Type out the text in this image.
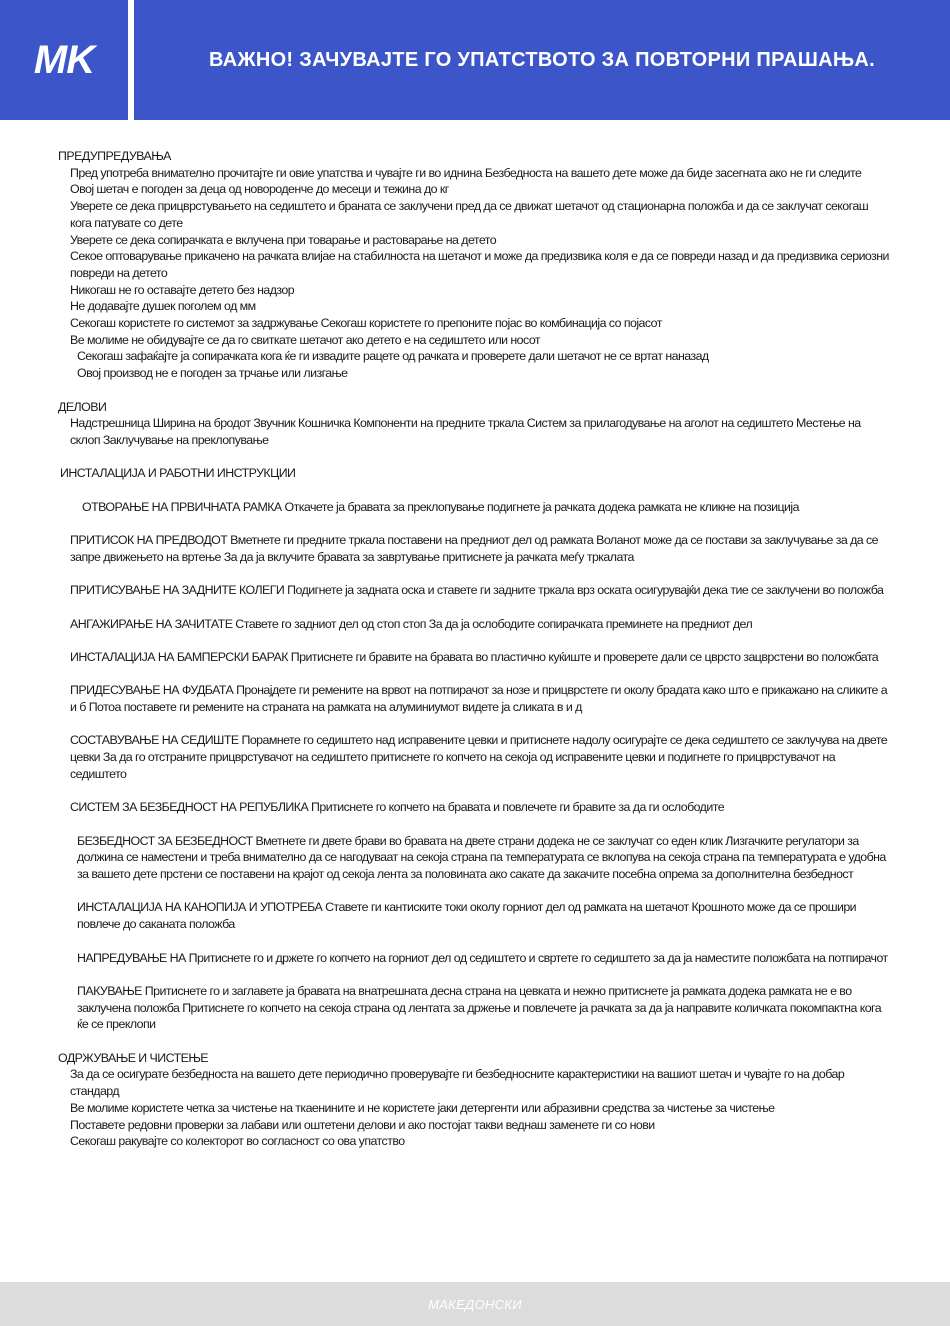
MK	ВАЖНО! ЗАЧУВАЈТЕ ГО УПАТСТВОТО ЗА ПОВТОРНИ ПРАШАЊА.

ПРЕДУПРЕДУВАЊА

Пред употреба внимателно прочитајте ги овие упатства и чувајте ги во иднина Безбедноста на вашето дете може да биде засегната ако не ги следите

Овој шетач е погоден за деца од новороденче до месеци и тежина до кг

Уверете се дека прицврстувањето на седиштето и браната се заклучени пред да се движат шетачот од стационарна положба и да се заклучат секогаш кога патувате со дете

Уверете се дека сопирачката е вклучена при товарање и растоварање на детето

Секое оптоварување прикачено на рачката влијае на стабилноста на шетачот и може да предизвика коля е да се повреди назад и да предизвика сериозни повреди на детето

Никогаш не го оставајте детето без надзор

Не додавајте душек поголем од мм

Секогаш користете го системот за задржување Секогаш користете го препоните појас во комбинација со појасот

Ве молиме не обидувајте се да го свиткате шетачот ако детето е на седиштето или носот

Секогаш зафаќајте ја сопирачката кога ќе ги извадите рацете од рачката и проверете дали шетачот не се вртат наназад

Овој производ не е погоден за трчање или лизгање

ДЕЛОВИ

Надстрешница Ширина на бродот Звучник Кошничка Компоненти на предните тркала Систем за прилагодување на аголот на седиштето Местење на склоп Заклучување на преклопување

ИНСТАЛАЦИЈА И РАБОТНИ ИНСТРУКЦИИ

ОТВОРАЊЕ НА ПРВИЧНАТА РАМКА Откачете ја бравата за преклопување подигнете ја рачката додека рамката не кликне на позиција

ПРИТИСОК НА ПРЕДВОДОТ Вметнете ги предните тркала поставени на предниот дел од рамката Воланот може да се постави за заклучување за да се запре движењето на вртење За да ја вклучите бравата за завртување притиснете ја рачката меѓу тркалата

ПРИТИСУВАЊЕ НА ЗАДНИТЕ КОЛЕГИ Подигнете ја задната оска и ставете ги задните тркала врз оската осигурувајќи дека тие се заклучени во положба

АНГАЖИРАЊЕ НА ЗАЧИТАТЕ Ставете го задниот дел од стоп стоп За да ја ослободите сопирачката преминете на предниот дел

ИНСТАЛАЦИЈА НА БАМПЕРСКИ БАРАК Притиснете ги бравите на бравата во пластично куќиште и проверете дали се цврсто зацврстени во положбата

ПРИДЕСУВАЊЕ НА ФУДБАТА Пронајдете ги ремените на врвот на потпирачот за нозе и прицврстете ги околу брадата како што е прикажано на сликите а и б Потоа поставете ги ремените на страната на рамката на алуминиумот видете ја сликата в и д

СОСТАВУВАЊЕ НА СЕДИШТЕ Порамнете го седиштето над исправените цевки и притиснете надолу осигурајте се дека седиштето се заклучува на двете цевки За да го отстраните прицврстувачот на седиштето притиснете го копчето на секоја од исправените цевки и подигнете го прицврстувачот на седиштето

СИСТЕМ ЗА БЕЗБЕДНОСТ НА РЕПУБЛИКА Притиснете го копчето на бравата и повлечете ги бравите за да ги ослободите

БЕЗБЕДНОСТ ЗА БЕЗБЕДНОСТ Вметнете ги двете брави во бравата на двете страни додека не се заклучат со еден клик Лизгачките регулатори за должина се наместени и треба внимателно да се нагодуваат на секоја страна па температурата се вклопува на секоја страна па температурата е удобна за вашето дете прстени се поставени на крајот од секоја лента за половината ако сакате да закачите посебна опрема за дополнителна безбедност

ИНСТАЛАЦИЈА НА КАНОПИЈА И УПОТРЕБА Ставете ги кантиските токи околу горниот дел од рамката на шетачот Крошното може да се прошири повлече до саканата положба

НАПРЕДУВАЊЕ НА Притиснете го и држете го копчето на горниот дел од седиштето и свртете го седиштето за да ја наместите положбата на потпирачот

ПАКУВАЊЕ Притиснете го и заглавете ја бравата на внатрешната десна страна на цевката и нежно притиснете ја рамката додека рамката не е во заклучена положба Притиснете го копчето на секоја страна од лентата за држење и повлечете ја рачката за да ја направите количката покомпактна кога ќе се преклопи

ОДРЖУВАЊЕ И ЧИСТЕЊЕ

За да се осигурате безбедноста на вашето дете периодично проверувајте ги безбедносните карактеристики на вашиот шетач и чувајте го на добар стандард

Ве молиме користете четка за чистење на ткаенините и не користете јаки детергенти или абразивни средства за чистење за чистење

Поставете редовни проверки за лабави или оштетени делови и ако постојат такви веднаш заменете ги со нови

Секогаш ракувајте со колекторот во согласност со ова упатство

МАКЕДОНСКИ
